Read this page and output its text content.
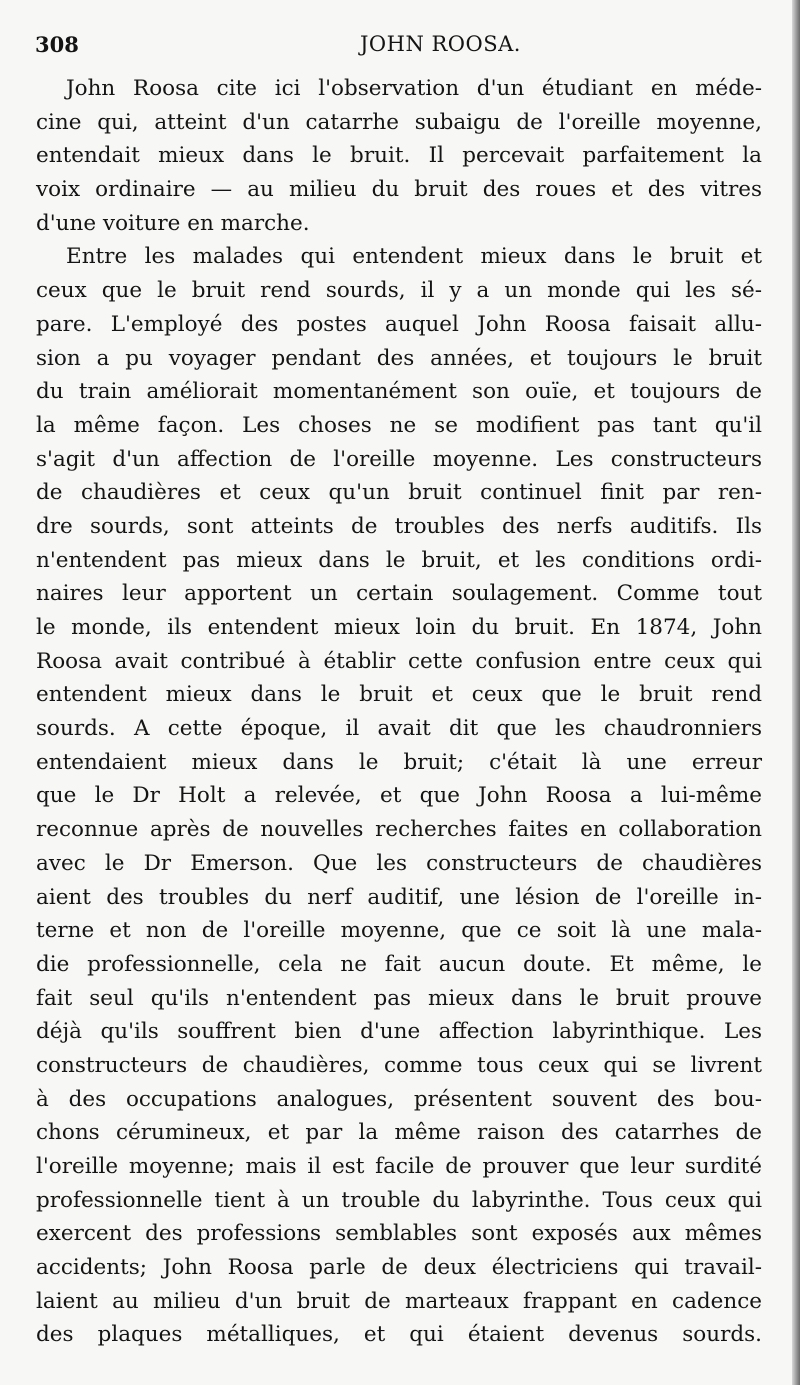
308	JOHN ROOSA.
John Roosa cite ici l'observation d'un étudiant en méde-
cine qui, atteint d'un catarrhe subaigu de l'oreille moyenne,
entendait mieux dans le bruit. Il percevait parfaitement la
voix ordinaire — au milieu du bruit des roues et des vitres
d'une voiture en marche.
Entre les malades qui entendent mieux dans le bruit et
ceux que le bruit rend sourds, il y a un monde qui les sé-
pare. L'employé des postes auquel John Roosa faisait allu-
sion a pu voyager pendant des années, et toujours le bruit
du train améliorait momentanément son ouïe, et toujours de
la même façon. Les choses ne se modifient pas tant qu'il
s'agit d'un affection de l'oreille moyenne. Les constructeurs
de chaudières et ceux qu'un bruit continuel finit par ren-
dre sourds, sont atteints de troubles des nerfs auditifs. Ils
n'entendent pas mieux dans le bruit, et les conditions ordi-
naires leur apportent un certain soulagement. Comme tout
le monde, ils entendent mieux loin du bruit. En 1874, John
Roosa avait contribué à établir cette confusion entre ceux qui
entendent mieux dans le bruit et ceux que le bruit rend
sourds. A cette époque, il avait dit que les chaudronniers
entendaient mieux dans le bruit; c'était là une erreur
que le Dr Holt a relevée, et que John Roosa a lui-même
reconnue après de nouvelles recherches faites en collaboration
avec le Dr Emerson. Que les constructeurs de chaudières
aient des troubles du nerf auditif, une lésion de l'oreille in-
terne et non de l'oreille moyenne, que ce soit là une mala-
die professionnelle, cela ne fait aucun doute. Et même, le
fait seul qu'ils n'entendent pas mieux dans le bruit prouve
déjà qu'ils souffrent bien d'une affection labyrinthique. Les
constructeurs de chaudières, comme tous ceux qui se livrent
à des occupations analogues, présentent souvent des bou-
chons cérumineux, et par la même raison des catarrhes de
l'oreille moyenne; mais il est facile de prouver que leur surdité
professionnelle tient à un trouble du labyrinthe. Tous ceux qui
exercent des professions semblables sont exposés aux mêmes
accidents; John Roosa parle de deux électriciens qui travail-
laient au milieu d'un bruit de marteaux frappant en cadence
des plaques métalliques, et qui étaient devenus sourds.
